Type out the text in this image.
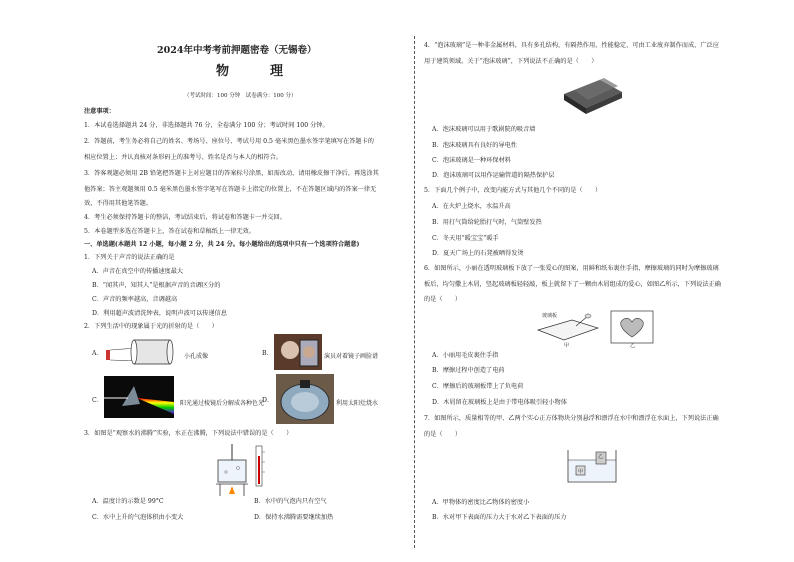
2024年中考考前押题密卷（无锡卷）
物　理
（考试时间：100 分钟　试卷满分：100 分）
注意事项：
1．本试卷选择题共 24 分，非选择题共 76 分，全卷满分 100 分；考试时间 100 分钟。
2．答题前，考生务必将自己的姓名、考场号、座位号、考试号用 0.5 毫米黑色墨水签字笔填写在答题卡的
相应位置上；并认真核对条形码上的准考号、姓名是否与本人的相符合。
3．答客观题必须用 2B 铅笔把答题卡上对应题目的答案标号涂黑，如需改动，请用橡皮擦干净后，再选涂其
他答案；答主观题须用 0.5 毫米黑色墨水签字笔写在答题卡上指定的位置上，不在答题区域内的答案一律无
效，不得用其他笔答题。
4．考生必须保持答题卡的整洁，考试结束后，将试卷和答题卡一并交回。
5．本卷题型多选在答题卡上，答在试卷和草稿纸上一律无效。
一、单选题(本题共 12 小题，每小题 2 分，共 24 分。每小题给出的选项中只有一个选项符合题意)
1．下列关于声音的说法正确的是
A．声音在真空中的传播速度最大
B．“闻其声，知其人”是根据声音的音调区分的
C．声音的频率越高，音调越高
D．利用超声波清洗钟表，说明声波可以传递信息
2．下列生活中的现象属于光的折射的是（　　）
A．	小孔成像	B．	演员对着镜子画脸谱
C．	阳光通过棱镜后分解成各种色光
D．	利用太阳灶烧水
3．如图是“观察水的沸腾”实验，水正在沸腾，下列说法中错误的是（　　）
A．温度计的示数是 99°C	B．水中的气泡内只有空气
C．水中上升的气泡体积由小变大	D．保持水沸腾需要继续加热
4．“泡沫玻璃”是一种非金属材料，具有多孔结构，有隔热作用，性能稳定，可由工业废弃制作而成，广泛应
用于建筑领域。关于“泡沫玻璃”，下列说法不正确的是（　　）
A．泡沫玻璃可以用于歌剧院的吸音墙
B．泡沫玻璃具有良好的导电性
C．泡沫玻璃是一种环保材料
D．泡沫玻璃可以用作运输管道的隔热保护层
5．下面几个例子中，改变内能方式与其他几个不同的是（　　）
A．在火炉上烧水，水温升高
B．用打气筒给轮胎打气时，气筒壁发热
C．冬天用“暖宝宝”暖手
D．夏天广场上的石凳被晒得发烫
6．如图所示，小丽在透明玻璃板下放了一张爱心的图案，用鲜和纸布裹住手指，摩擦玻璃的同时为摩擦玻璃
板后，均匀撒上木屑，竖起玻璃板轻轻敲，板上就留下了一颗由木屑组成的爱心，如图乙所示，下列说法正确
的是（　　）
玻璃板
甲	乙
A．小丽用毛皮裹住手指
B．摩擦过程中创造了电荷
C．摩擦后的玻璃板带上了负电荷
D．木屑留在玻璃板上是由于带电体吸引轻小物体
7．如图所示，质量相等的甲、乙两个实心正方体物块分别悬浮和漂浮在水中和漂浮在水面上，下列说法正确
的是（　　）
乙
甲
A．甲物体的密度比乙物体的密度小
B．水对甲下表面的压力大于水对乙下表面的压力
